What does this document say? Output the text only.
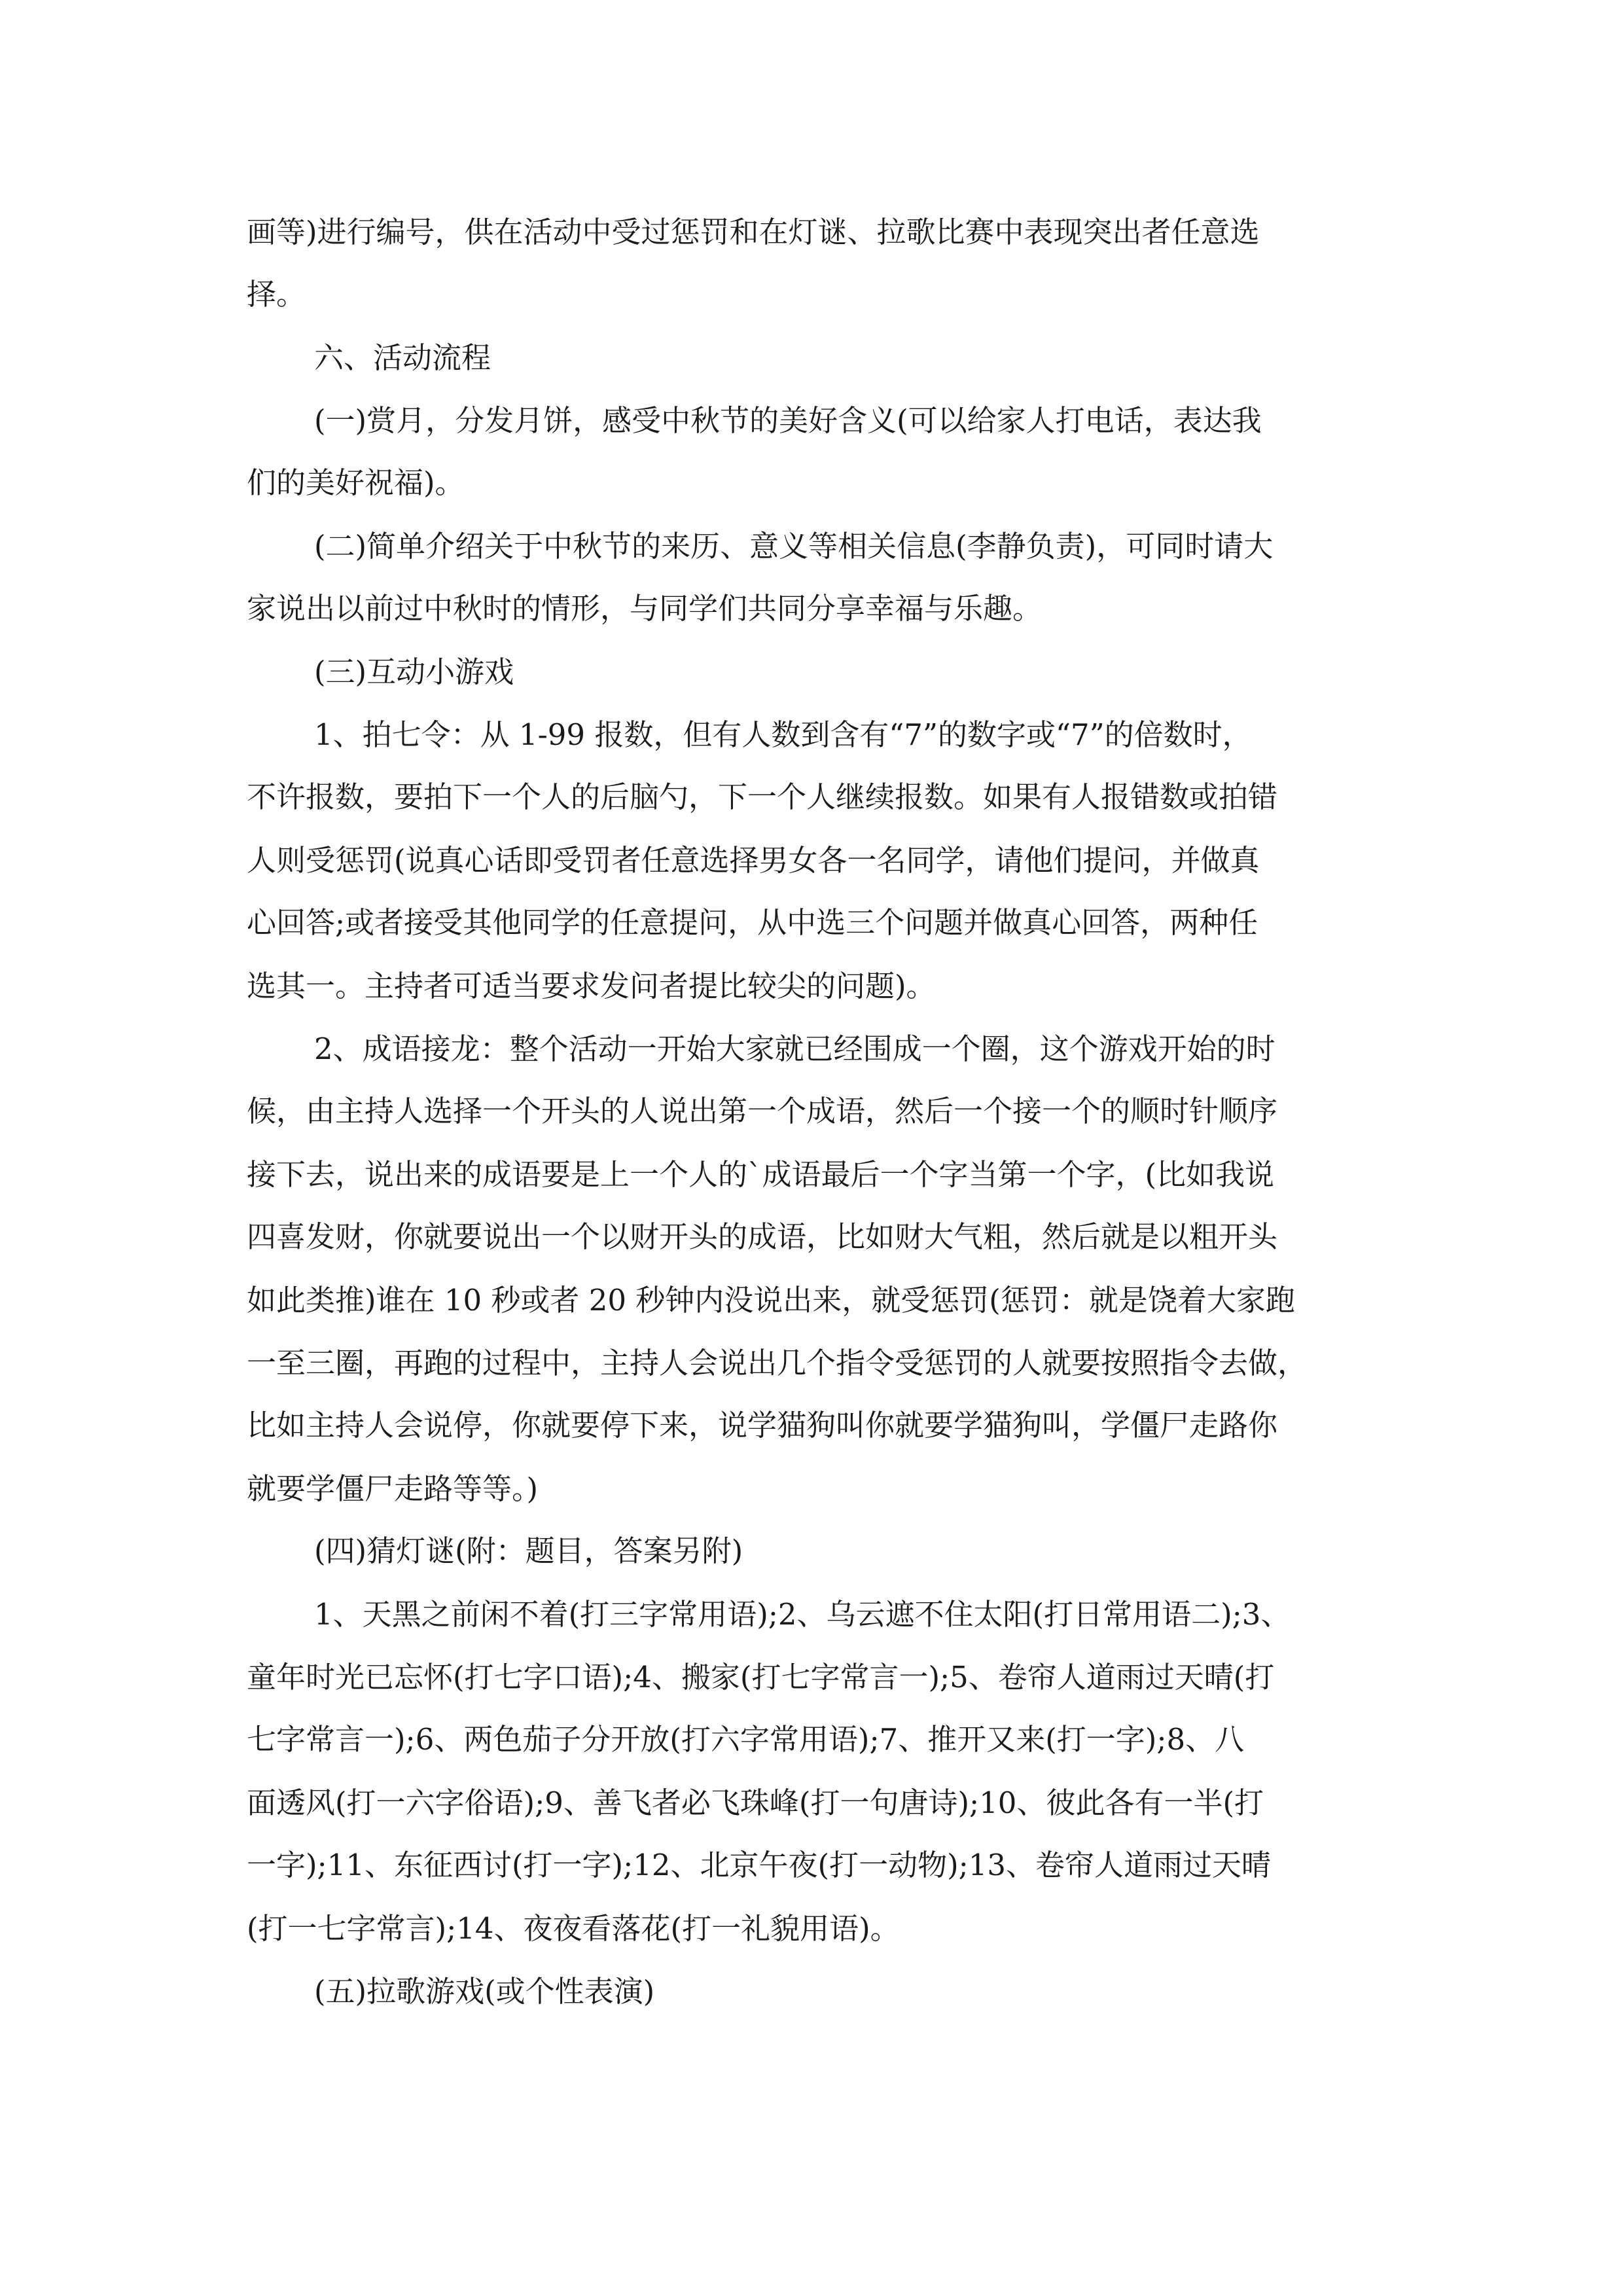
画等)进行编号，供在活动中受过惩罚和在灯谜、拉歌比赛中表现突出者任意选
择。
六、活动流程
(一)赏月，分发月饼，感受中秋节的美好含义(可以给家人打电话，表达我
们的美好祝福)。
(二)简单介绍关于中秋节的来历、意义等相关信息(李静负责)，可同时请大
家说出以前过中秋时的情形，与同学们共同分享幸福与乐趣。
(三)互动小游戏
1、拍七令：从 1-99 报数，但有人数到含有“7”的数字或“7”的倍数时，
不许报数，要拍下一个人的后脑勺，下一个人继续报数。如果有人报错数或拍错
人则受惩罚(说真心话即受罚者任意选择男女各一名同学，请他们提问，并做真
心回答;或者接受其他同学的任意提问，从中选三个问题并做真心回答，两种任
选其一。主持者可适当要求发问者提比较尖的问题)。
2、成语接龙：整个活动一开始大家就已经围成一个圈，这个游戏开始的时
候，由主持人选择一个开头的人说出第一个成语，然后一个接一个的顺时针顺序
接下去，说出来的成语要是上一个人的`成语最后一个字当第一个字，(比如我说
四喜发财，你就要说出一个以财开头的成语，比如财大气粗，然后就是以粗开头
如此类推)谁在 10 秒或者 20 秒钟内没说出来，就受惩罚(惩罚：就是饶着大家跑
一至三圈，再跑的过程中，主持人会说出几个指令受惩罚的人就要按照指令去做，
比如主持人会说停，你就要停下来，说学猫狗叫你就要学猫狗叫，学僵尸走路你
就要学僵尸走路等等。)
(四)猜灯谜(附：题目，答案另附)
1、天黑之前闲不着(打三字常用语);2、乌云遮不住太阳(打日常用语二);3、
童年时光已忘怀(打七字口语);4、搬家(打七字常言一);5、卷帘人道雨过天晴(打
七字常言一);6、两色茄子分开放(打六字常用语);7、推开又来(打一字);8、八
面透风(打一六字俗语);9、善飞者必飞珠峰(打一句唐诗);10、彼此各有一半(打
一字);11、东征西讨(打一字);12、北京午夜(打一动物);13、卷帘人道雨过天晴
(打一七字常言);14、夜夜看落花(打一礼貌用语)。
(五)拉歌游戏(或个性表演)
